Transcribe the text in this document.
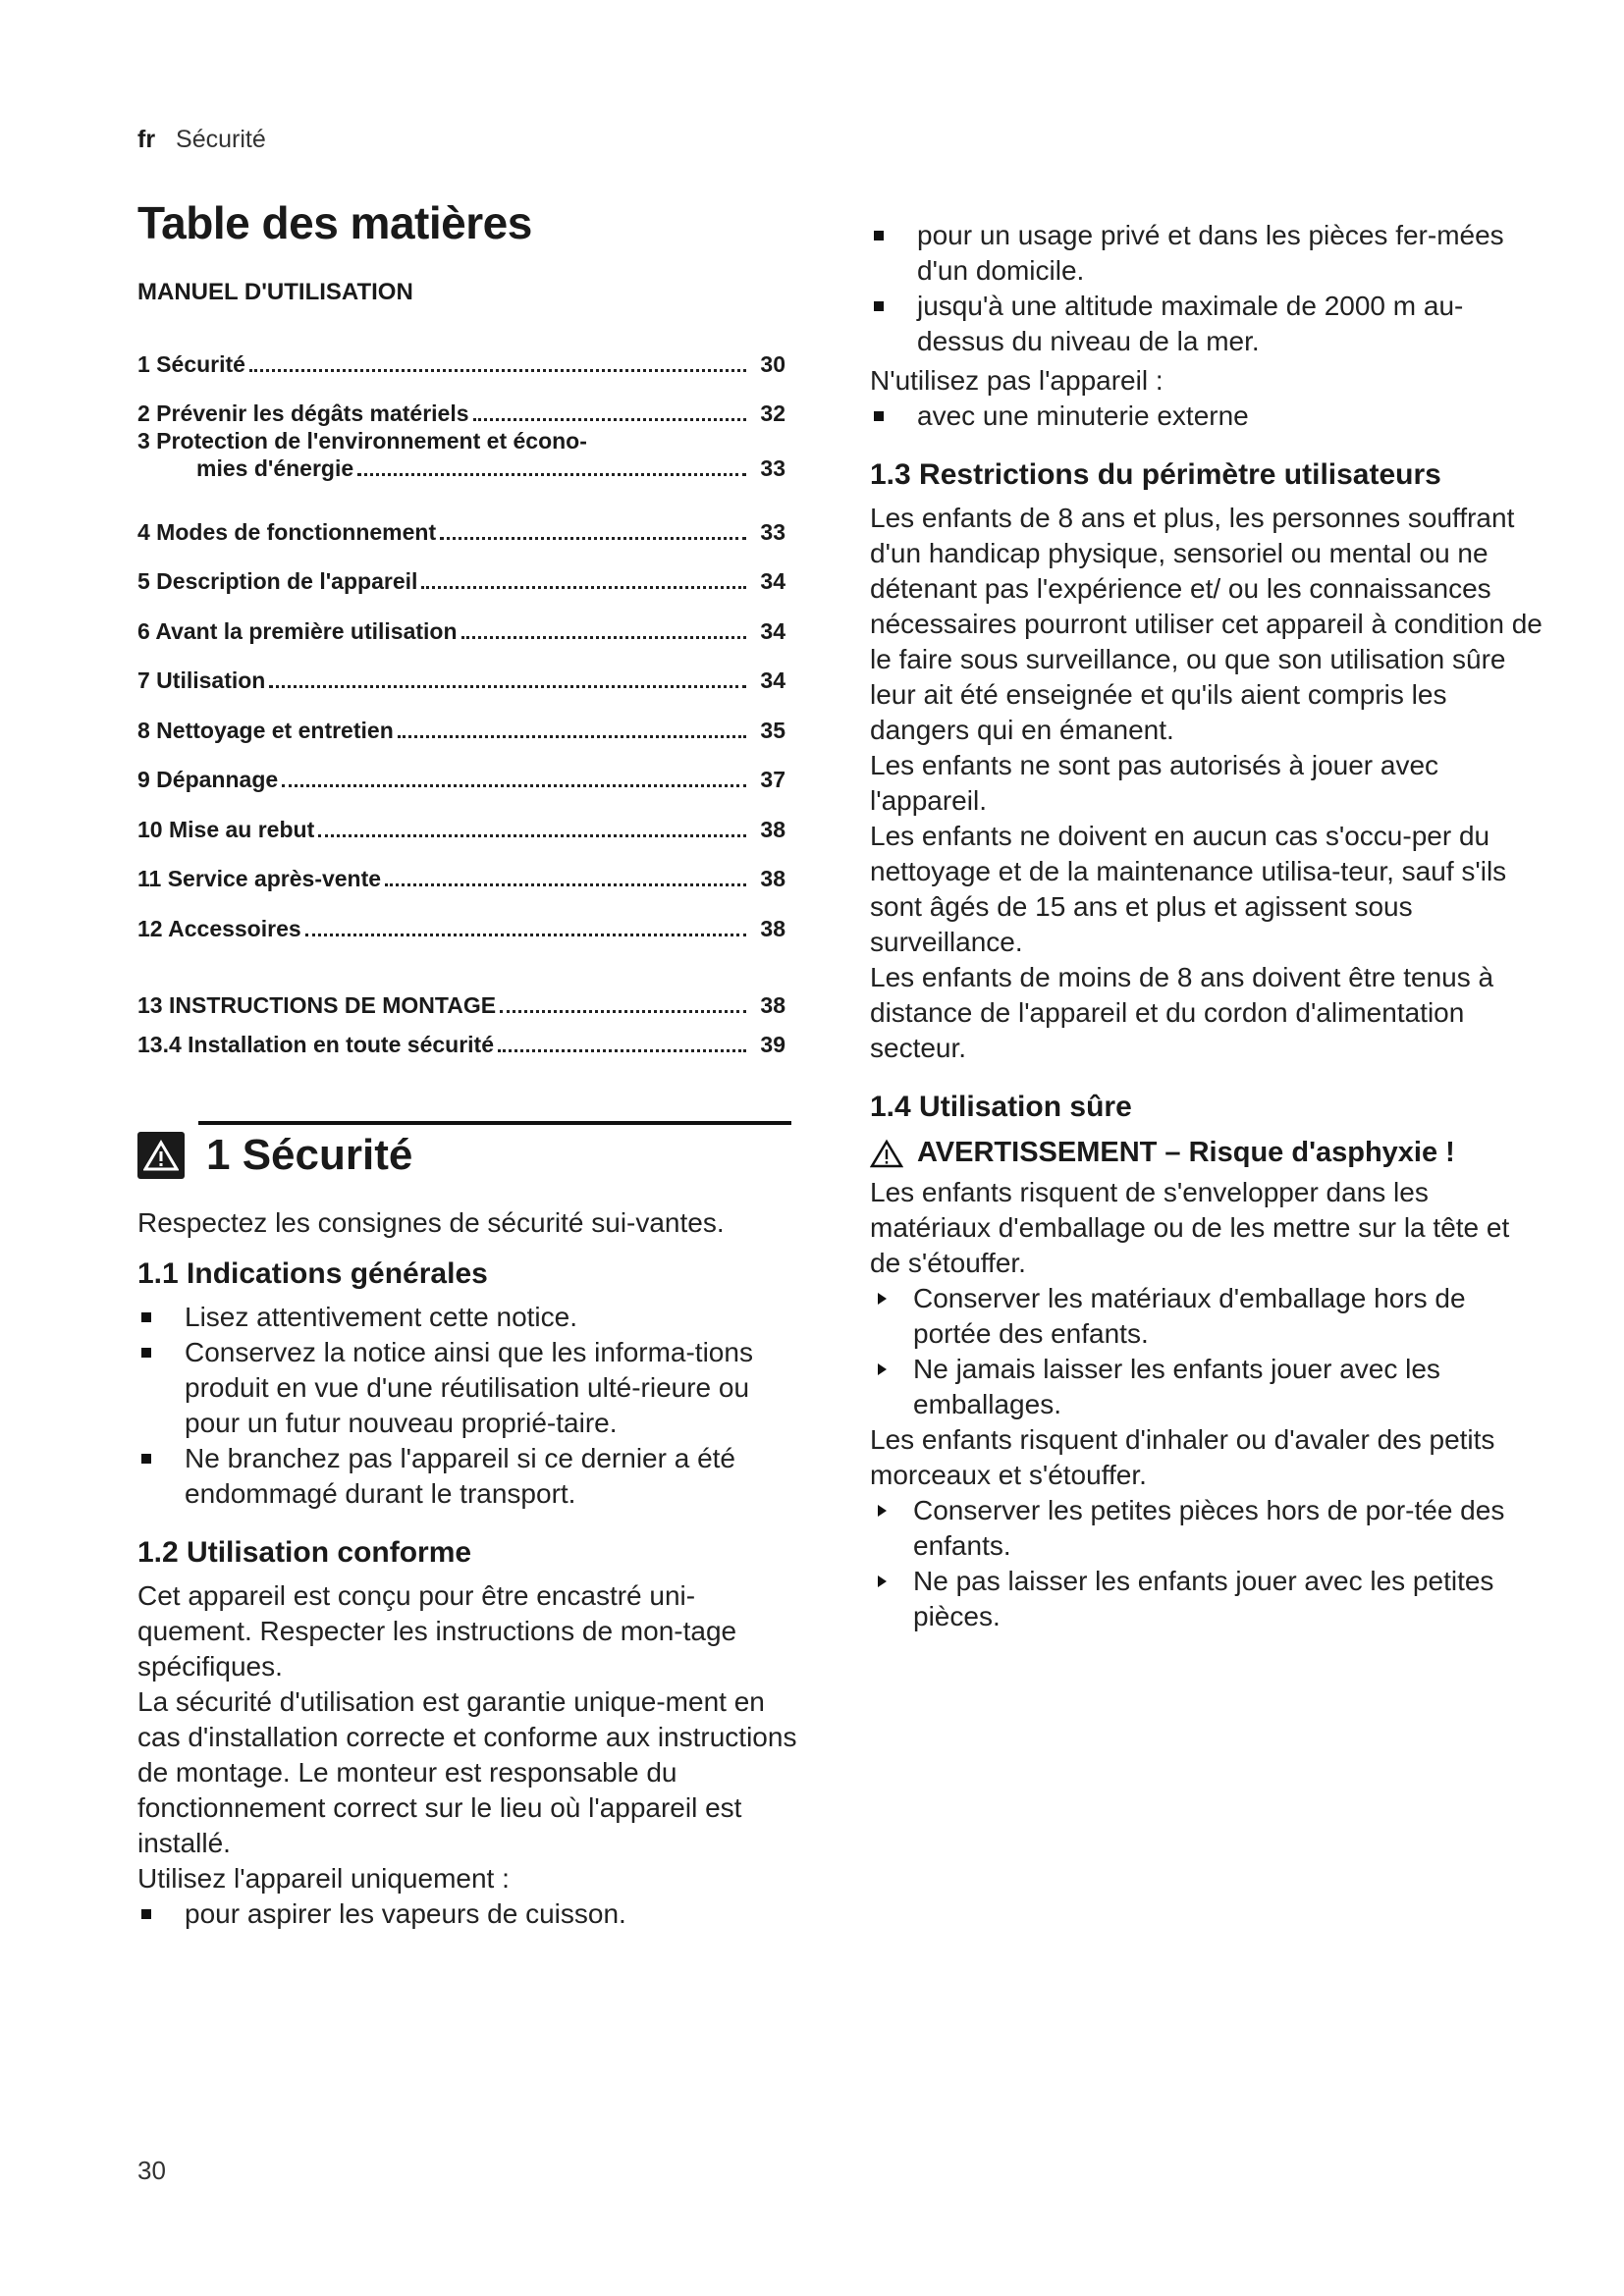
fr Sécurité
Table des matières
MANUEL D'UTILISATION
1 Sécurité	30
2 Prévenir les dégâts matériels	32
3 Protection de l'environnement et écono-
mies d'énergie	33
4 Modes de fonctionnement	33
5 Description de l'appareil	34
6 Avant la première utilisation	34
7 Utilisation	34
8 Nettoyage et entretien	35
9 Dépannage	37
10 Mise au rebut	38
11 Service après-vente	38
12 Accessoires	38
13 INSTRUCTIONS DE MONTAGE	38
13.4 Installation en toute sécurité	39
1 Sécurité

Respectez les consignes de sécurité sui-vantes.

1.1 Indications générales
Lisez attentivement cette notice.
Conservez la notice ainsi que les informa-tions produit en vue d'une réutilisation ulté-rieure ou pour un futur nouveau proprié-taire.
Ne branchez pas l'appareil si ce dernier a été endommagé durant le transport.
1.2 Utilisation conforme

Cet appareil est conçu pour être encastré uni-quement. Respecter les instructions de mon-tage spécifiques.

La sécurité d'utilisation est garantie unique-ment en cas d'installation correcte et conforme aux instructions de montage. Le monteur est responsable du fonctionnement correct sur le lieu où l'appareil est installé.

Utilisez l'appareil uniquement :

pour aspirer les vapeurs de cuisson.
pour un usage privé et dans les pièces fer-mées d'un domicile.
jusqu'à une altitude maximale de 2000 m au-dessus du niveau de la mer.

N'utilisez pas l'appareil :

avec une minuterie externe
1.3 Restrictions du périmètre utilisateurs

Les enfants de 8 ans et plus, les personnes souffrant d'un handicap physique, sensoriel ou mental ou ne détenant pas l'expérience et/ ou les connaissances nécessaires pourront utiliser cet appareil à condition de le faire sous surveillance, ou que son utilisation sûre leur ait été enseignée et qu'ils aient compris les dangers qui en émanent.

Les enfants ne sont pas autorisés à jouer avec l'appareil.

Les enfants ne doivent en aucun cas s'occu-per du nettoyage et de la maintenance utilisa-teur, sauf s'ils sont âgés de 15 ans et plus et agissent sous surveillance.

Les enfants de moins de 8 ans doivent être tenus à distance de l'appareil et du cordon d'alimentation secteur.

1.4 Utilisation sûre
AVERTISSEMENT – Risque d'asphyxie !

Les enfants risquent de s'envelopper dans les matériaux d'emballage ou de les mettre sur la tête et de s'étouffer.

Conserver les matériaux d'emballage hors de portée des enfants.
Ne jamais laisser les enfants jouer avec les emballages.

Les enfants risquent d'inhaler ou d'avaler des petits morceaux et s'étouffer.

Conserver les petites pièces hors de por-tée des enfants.
Ne pas laisser les enfants jouer avec les petites pièces.
30
